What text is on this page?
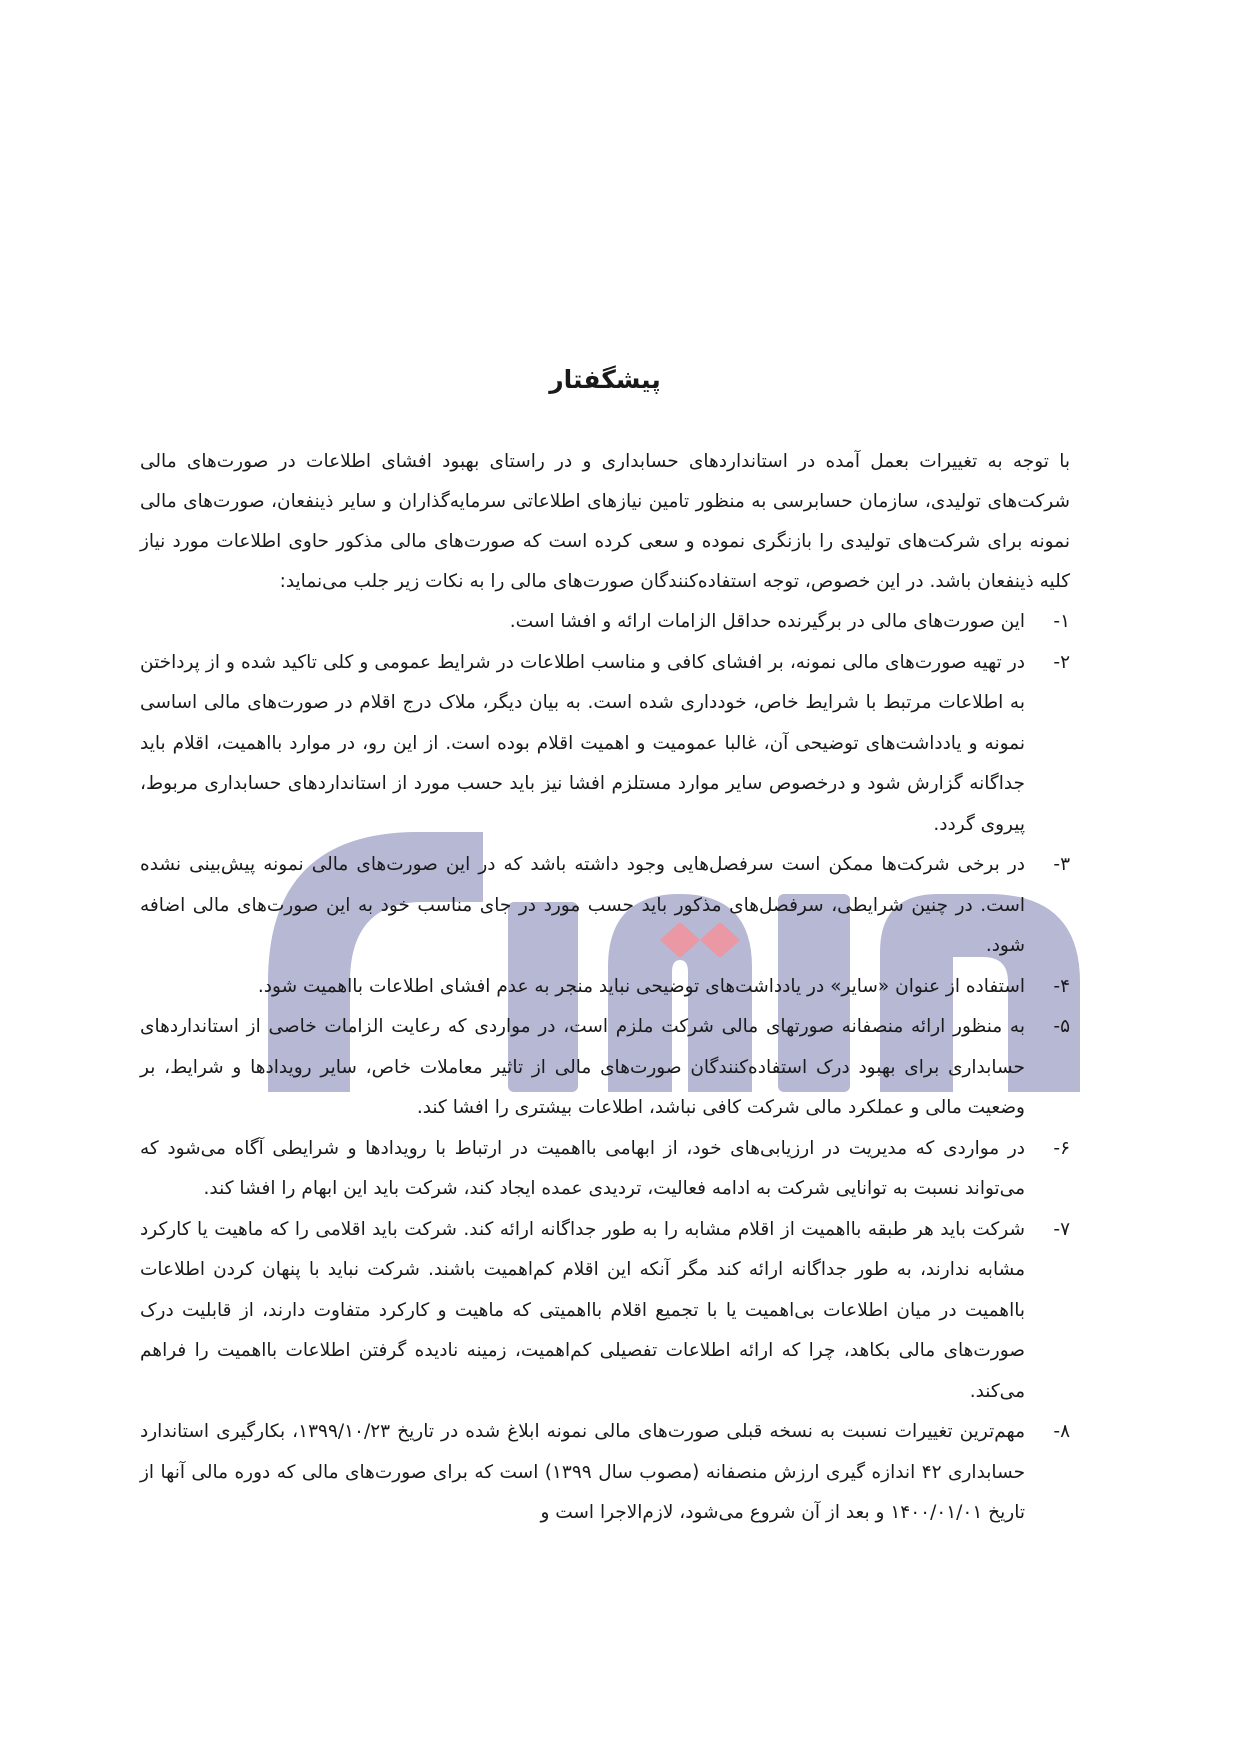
پیشگفتار

با توجه به تغییرات بعمل آمده در استانداردهای حسابداری و در راستای بهبود افشای اطلاعات در صورت‌های مالی شرکت‌های تولیدی، سازمان حسابرسی به منظور تامین نیازهای اطلاعاتی سرمایه‌گذاران و سایر ذینفعان، صورت‌های مالی نمونه برای شرکت‌های تولیدی را بازنگری نموده و سعی کرده است که صورت‌های مالی مذکور حاوی اطلاعات مورد نیاز کلیه ذینفعان باشد. در این خصوص، توجه استفاده‌کنندگان صورت‌های مالی را به نکات زیر جلب می‌نماید:

۱-
این صورت‌های مالی در برگیرنده حداقل الزامات ارائه و افشا است.
۲-
در تهیه صورت‌های مالی نمونه، بر افشای کافی و مناسب اطلاعات در شرایط عمومی و کلی تاکید شده و از پرداختن به اطلاعات مرتبط با شرایط خاص، خودداری شده است. به بیان دیگر، ملاک درج اقلام در صورت‌های مالی اساسی نمونه و یادداشت‌های توضیحی آن، غالبا عمومیت و اهمیت اقلام بوده است. از این رو، در موارد بااهمیت، اقلام باید جداگانه گزارش شود و درخصوص سایر موارد مستلزم افشا نیز باید حسب مورد از استانداردهای حسابداری مربوط، پیروی گردد.
۳-
در برخی شرکت‌ها ممکن است سرفصل‌هایی وجود داشته باشد که در این صورت‌های مالی نمونه پیش‌بینی نشده است. در چنین شرایطی، سرفصل‌های مذکور باید حسب مورد در جای مناسب خود به این صورت‌های مالی اضافه شود.
۴-
استفاده از عنوان «سایر» در یادداشت‌های توضیحی نباید منجر به عدم افشای اطلاعات بااهمیت شود.
۵-
به منظور ارائه منصفانه صورتهای مالی شرکت ملزم است، در مواردی که رعایت الزامات خاصی از استانداردهای حسابداری برای بهبود درک استفاده‌کنندگان صورت‌های مالی از تاثیر معاملات خاص، سایر رویدادها و شرایط، بر وضعیت مالی و عملکرد مالی شرکت کافی نباشد، اطلاعات بیشتری را افشا کند.
۶-
در مواردی که مدیریت در ارزیابی‌های خود، از ابهامی بااهمیت در ارتباط با رویدادها و شرایطی آگاه می‌شود که می‌تواند نسبت به توانایی شرکت به ادامه فعالیت، تردیدی عمده ایجاد کند، شرکت باید این ابهام را افشا کند.
۷-
شرکت باید هر طبقه بااهمیت از اقلام مشابه را به طور جداگانه ارائه کند. شرکت باید اقلامی را که ماهیت یا کارکرد مشابه ندارند، به طور جداگانه ارائه کند مگر آنکه این اقلام کم‌اهمیت باشند. شرکت نباید با پنهان کردن اطلاعات بااهمیت در میان اطلاعات بی‌اهمیت یا با تجمیع اقلام بااهمیتی که ماهیت و کارکرد متفاوت دارند، از قابلیت درک صورت‌های مالی بکاهد، چرا که ارائه اطلاعات تفصیلی کم‌اهمیت، زمینه نادیده گرفتن اطلاعات بااهمیت را فراهم می‌کند.
۸-
مهم‌ترین تغییرات نسبت به نسخه قبلی صورت‌های مالی نمونه ابلاغ شده در تاریخ ۱۳۹۹/۱۰/۲۳، بکارگیری استاندارد حسابداری ۴۲ اندازه گیری ارزش منصفانه (مصوب سال ۱۳۹۹) است که برای صورت‌های مالی که دوره مالی آنها از تاریخ ۱۴۰۰/۰۱/۰۱ و بعد از آن شروع می‌شود، لازم‌الاجرا است و
